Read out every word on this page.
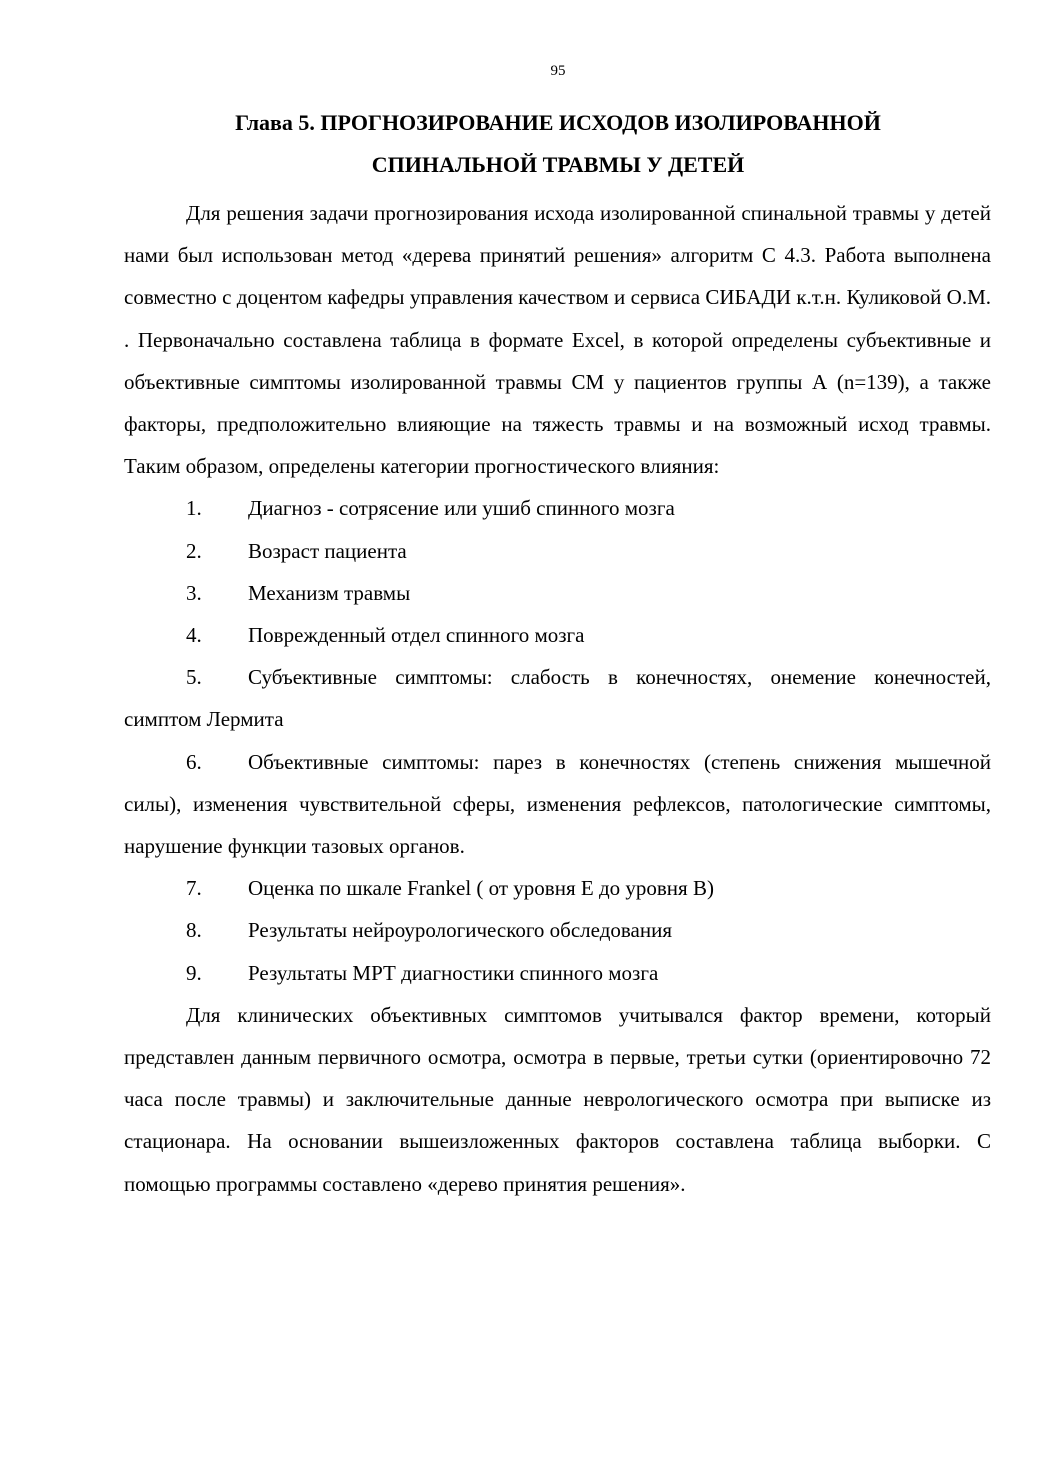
95
Глава 5. ПРОГНОЗИРОВАНИЕ ИСХОДОВ ИЗОЛИРОВАННОЙ
СПИНАЛЬНОЙ ТРАВМЫ У ДЕТЕЙ

Для решения задачи прогнозирования исхода изолированной спинальной травмы у детей нами был использован метод «дерева принятий решения» алгоритм С 4.3. Работа выполнена совместно с доцентом кафедры управления качеством и сервиса СИБАДИ к.т.н. Куликовой О.М. . Первоначально составлена таблица в формате Excel, в которой определены субъективные и объективные симптомы изолированной травмы СМ у пациентов группы А (n=139), а также факторы, предположительно влияющие на тяжесть травмы и на возможный исход травмы. Таким образом, определены категории прогностического влияния:

1. Диагноз - сотрясение или ушиб спинного мозга

2. Возраст пациента

3. Механизм травмы

4. Поврежденный отдел спинного мозга

5. Субъективные симптомы: слабость в конечностях, онемение конечностей, симптом Лермита

6. Объективные симптомы: парез в конечностях (степень снижения мышечной силы), изменения чувствительной сферы, изменения рефлексов, патологические симптомы, нарушение функции тазовых органов.

7. Оценка по шкале Frankel ( от уровня Е до уровня В)

8. Результаты нейроурологического обследования

9. Результаты МРТ диагностики спинного мозга

Для клинических объективных симптомов учитывался фактор времени, который представлен данным первичного осмотра, осмотра в первые, третьи сутки (ориентировочно 72 часа после травмы) и заключительные данные неврологического осмотра при выписке из стационара. На основании вышеизложенных факторов составлена таблица выборки. С помощью программы составлено «дерево принятия решения».
